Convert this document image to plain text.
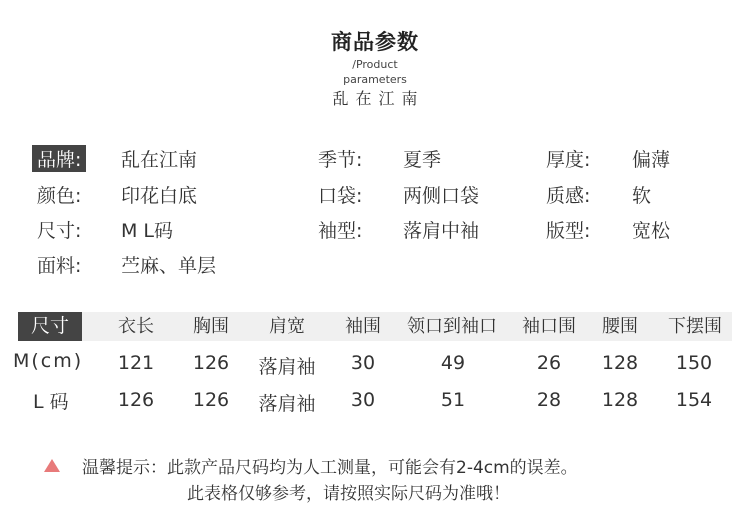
商品参数
/Product
parameters
乱在江南
品牌: 乱在江南	季节: 夏季	厚度: 偏薄
颜色: 印花白底	口袋: 两侧口袋	质感: 软
尺寸: M L码	袖型: 落肩中袖	版型: 宽松
面料: 苎麻、单层
尺寸	衣长	胸围	肩宽	袖围	领口到袖口	袖口围	腰围	下摆围
M(cm)	121	126	落肩袖	30	49	26	128	150
L 码	126	126	落肩袖	30	51	28	128	154
温馨提示：此款产品尺码均为人工测量，可能会有2-4cm的误差。
此表格仅够参考，请按照实际尺码为准哦！
